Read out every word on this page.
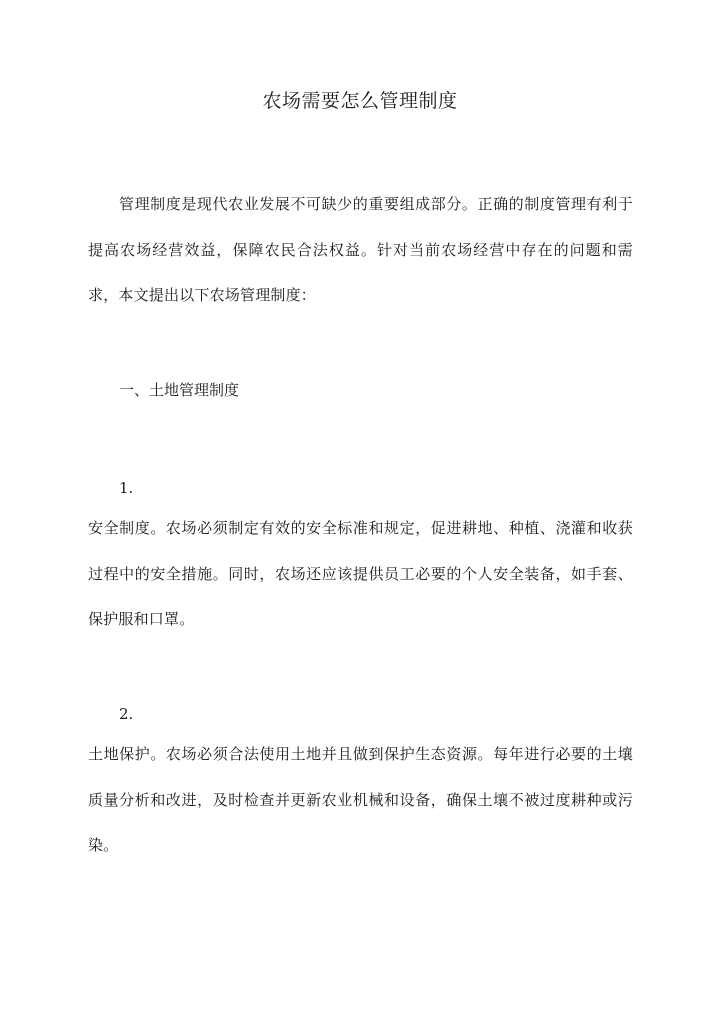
农场需要怎么管理制度

管理制度是现代农业发展不可缺少的重要组成部分。正确的制度管理有利于提高农场经营效益，保障农民合法权益。针对当前农场经营中存在的问题和需求，本文提出以下农场管理制度：

一、土地管理制度

1.

安全制度。农场必须制定有效的安全标准和规定，促进耕地、种植、浇灌和收获过程中的安全措施。同时，农场还应该提供员工必要的个人安全装备，如手套、保护服和口罩。

2.

土地保护。农场必须合法使用土地并且做到保护生态资源。每年进行必要的土壤质量分析和改进，及时检查并更新农业机械和设备，确保土壤不被过度耕种或污染。
